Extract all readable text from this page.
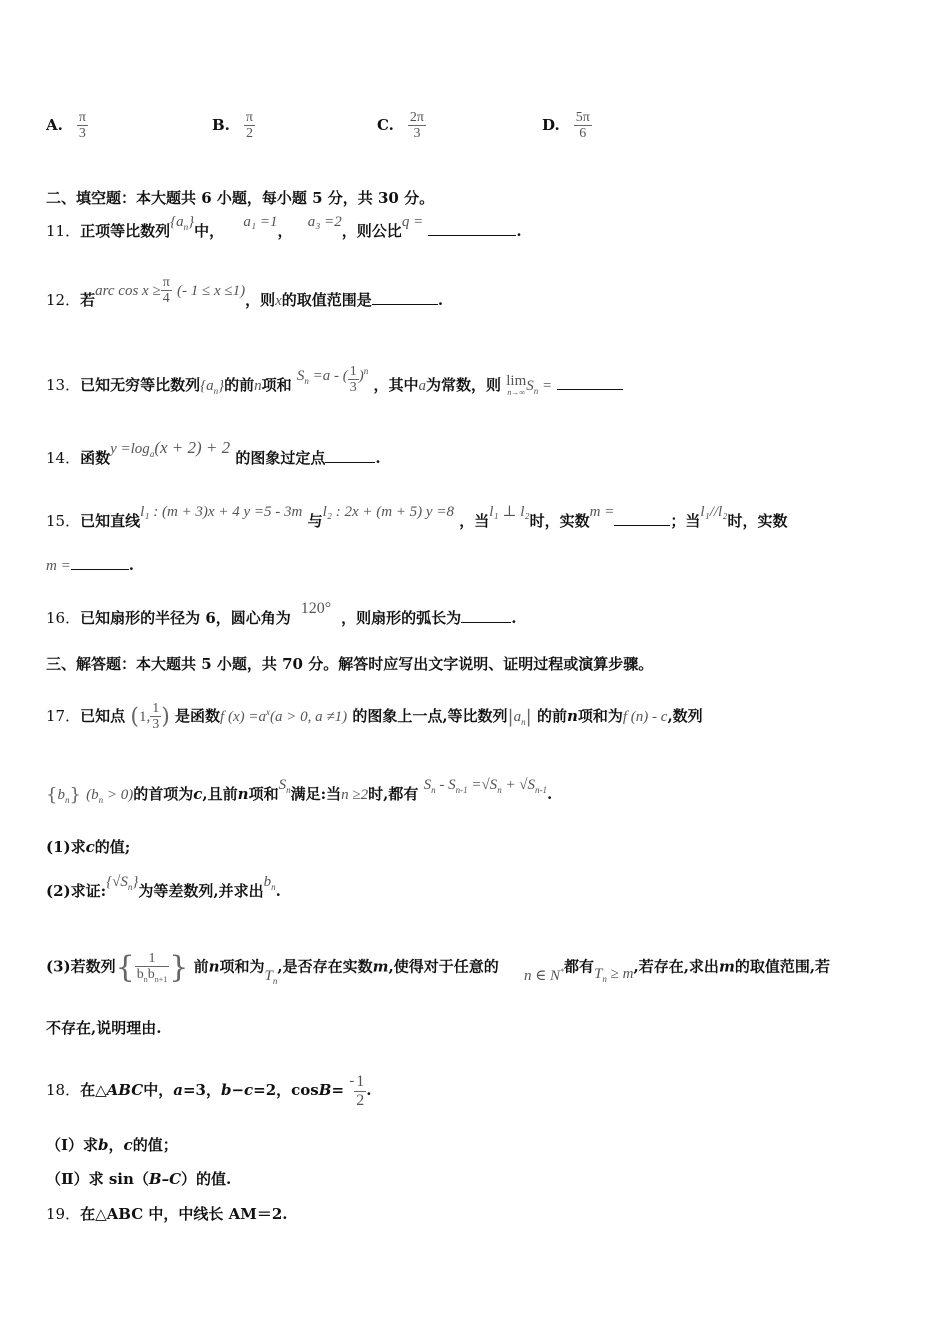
A. $\frac{\pi}{3}$	B. $\frac{\pi}{2}$	C. $\frac{2\pi}{3}$	D. $\frac{5\pi}{6}$
二、填空题：本大题共 6 小题，每小题 5 分，共 30 分。
11．正项等比数列$\{a_n\}$中， a₁ =1， a₃ =2，则公比q =	.
12．若arc $\cos x \ge \frac{\pi}{4}$ (- 1 ≤ x ≤1)，则x的取值范围是	.
13．已知无穷等比数列$\{a_n\}$的前n项和 $S_n =a$ - ( $\frac{1}{3} )^n$ ，其中a为常数，则 lim
n→∞ $S_n$ =
14．函数$y =\log_a(x + 2) + 2$ 的图象过定点	.
15．已知直线l₁ : (m + 3)x + 4 y =5 - 3m 与l₂ : 2x + (m + 5) y =8 ，当l₁ ⊥ l₂时，实数m =	；当l₁//l₂时，实数
m =	.
16．已知扇形的半径为 6，圆心角为120°，则扇形的弧长为	.
三、解答题：本大题共 5 小题，共 70 分。解答时应写出文字说明、证明过程或演算步骤。
17．已知点 (1, $\frac{1}{3}$ ) 是函数f $(x) =a^x(a > 0$, a ≠1) 的图象上一点,等比数列$|a_n|$ 的前n项和为f (n) - c,数列
$\{b_n\} (b_n > 0)$的首项为c,且前n项和$S_n$满足:当n ≥2时,都有 $S_n - S_{n-1} =√S_n + √S_{n-1}$.
(1)求c的值;
(2)求证$:\{√S_n\}$为等差数列,并求出$b_n$.
(3)若数列{ $\frac{1}{b_nb_{n+1}}$ } 前n项和为$T_n$,是否存在实数m,使得对于任意的 n ∈ N*都有$T_n \ge m$,若存在,求出m的取值范围,若
不存在,说明理由.
18．在△ABC中，a=3，b−c=2，$\cos B= - \frac{1}{2}$ .
（Ⅰ）求b，c的值；
（Ⅱ）求 sin（B–C）的值.
19．在△ABC 中，中线长 AM＝2.
